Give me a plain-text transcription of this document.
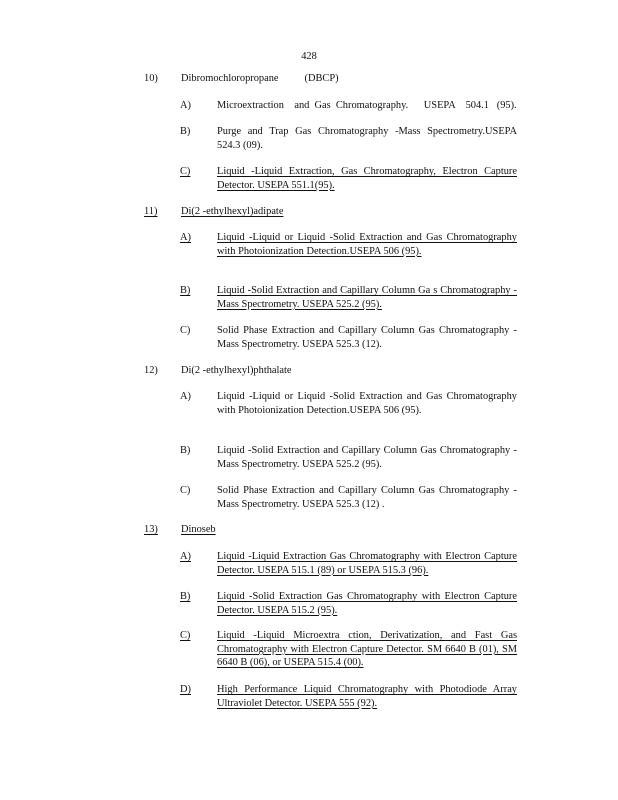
428
10) Dibromochloropropane          (DBCP)
A)	Microextraction    and  Gas  Chromatography.      USEPA    504.1   (95).
B)	Purge and Trap Gas Chromatography -Mass Spectrometry.USEPA 524.3 (09).
C)	Liquid -Liquid Extraction, Gas Chromatography, Electron Capture Detector. USEPA 551.1(95).
11) Di(2 -ethylhexyl)adipate
A)	Liquid -Liquid or Liquid -Solid Extraction and Gas Chromatography with Photoionization Detection.USEPA 506 (95).
B)	Liquid -Solid Extraction and Capillary Column Ga s Chromatography -Mass Spectrometry. USEPA 525.2 (95).
C)	Solid Phase Extraction and Capillary Column Gas Chromatography -Mass Spectrometry. USEPA 525.3 (12).
12) Di(2 -ethylhexyl)phthalate
A)	Liquid -Liquid or Liquid -Solid Extraction and Gas Chromatography with Photoionization Detection.USEPA 506 (95).
B)	Liquid -Solid Extraction and Capillary Column Gas Chromatography -Mass Spectrometry. USEPA 525.2 (95).
C)	Solid Phase Extraction and Capillary Column Gas Chromatography -Mass Spectrometry. USEPA 525.3 (12) .
13) Dinoseb
A)	Liquid -Liquid Extraction Gas Chromatography with Electron Capture Detector. USEPA 515.1 (89) or USEPA 515.3 (96).
B)	Liquid -Solid Extraction Gas Chromatography with Electron Capture Detector. USEPA 515.2 (95).
C)	Liquid -Liquid Microextra ction, Derivatization, and Fast Gas Chromatography with Electron Capture Detector. SM 6640 B (01), SM 6640 B (06), or USEPA 515.4 (00).
D)	High Performance Liquid Chromatography with Photodiode Array Ultraviolet Detector. USEPA 555 (92).
